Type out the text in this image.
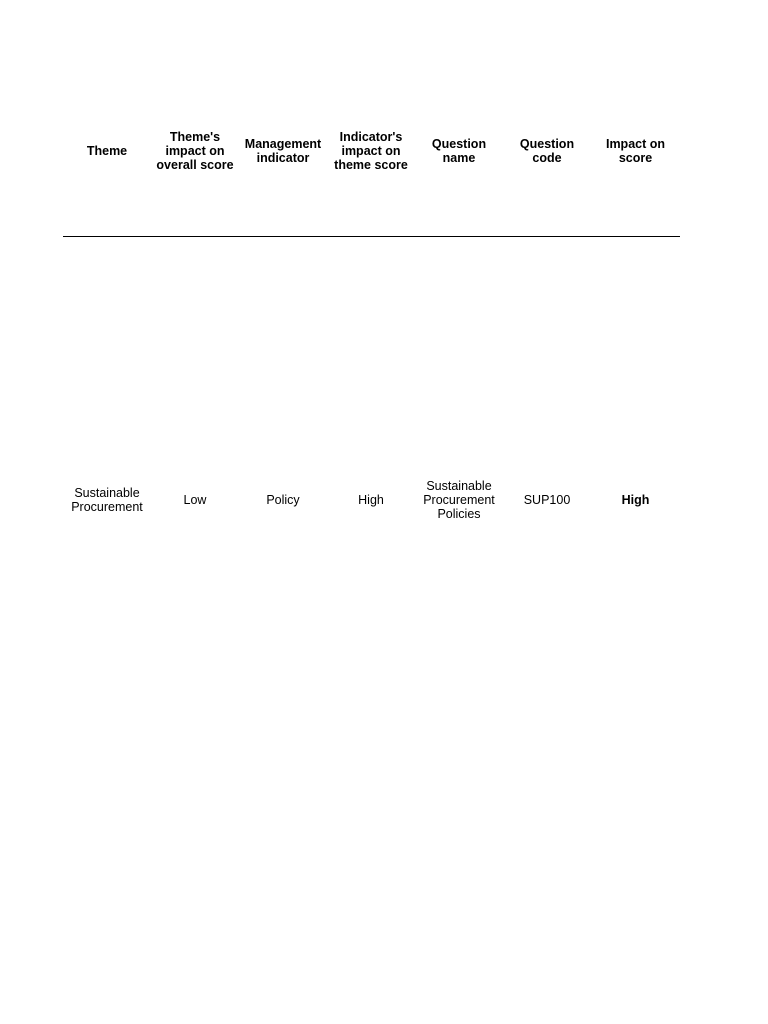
Theme	Theme's impact on overall score	Management indicator	Indicator's impact on theme score	Question name	Question code	Impact on score

Sustainable Procurement	Low	Policy	High	Sustainable Procurement Policies	SUP100	High
